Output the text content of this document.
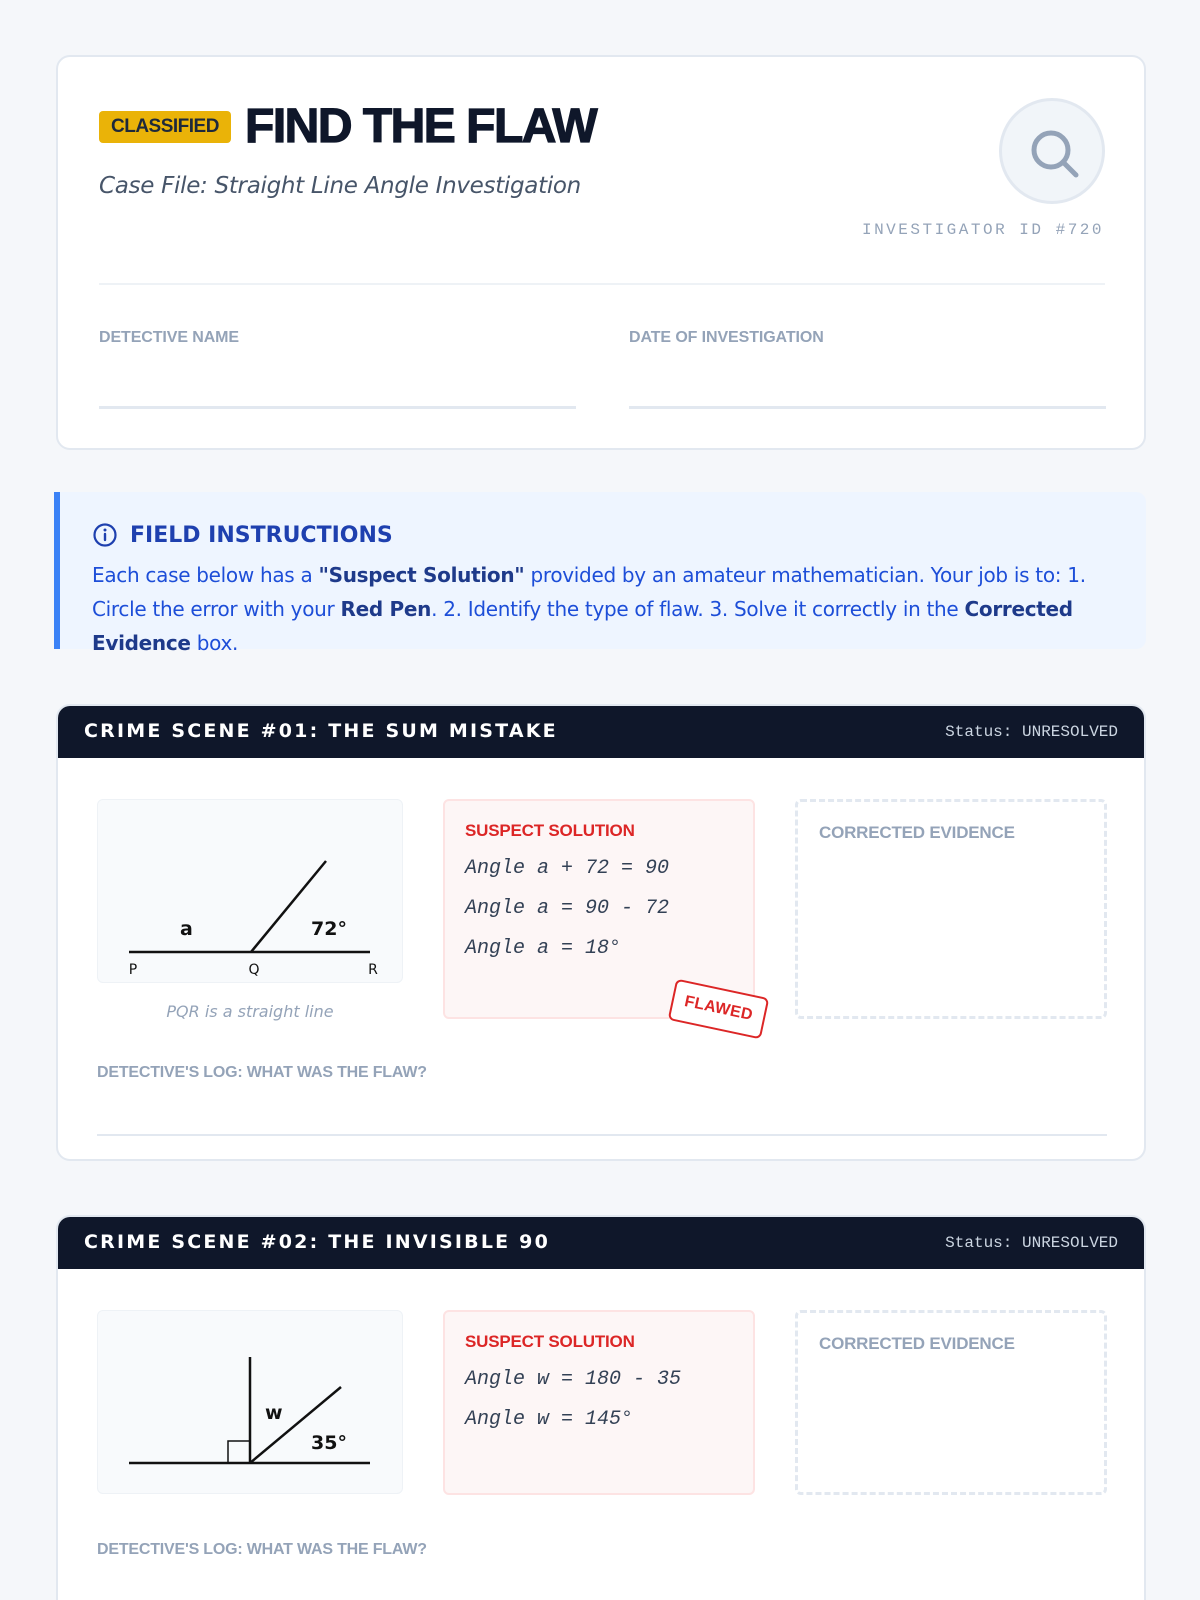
CLASSIFIED FIND THE FLAW
Case File: Straight Line Angle Investigation
INVESTIGATOR ID #720
DETECTIVE NAME	DATE OF INVESTIGATION
FIELD INSTRUCTIONS
Each case below has a "Suspect Solution" provided by an amateur mathematician. Your job is to: 1. Circle the error with your Red Pen. 2. Identify the type of flaw. 3. Solve it correctly in the Corrected Evidence box.
CRIME SCENE #01: THE SUM MISTAKE	Status: UNRESOLVED
a	72°
P	Q	R
PQR is a straight line
SUSPECT SOLUTION
Angle a + 72 = 90
Angle a = 90 - 72
Angle a = 18°
FLAWED
CORRECTED EVIDENCE
DETECTIVE'S LOG: WHAT WAS THE FLAW?
CRIME SCENE #02: THE INVISIBLE 90	Status: UNRESOLVED
w
35°
SUSPECT SOLUTION
Angle w = 180 - 35
Angle w = 145°
CORRECTED EVIDENCE
DETECTIVE'S LOG: WHAT WAS THE FLAW?
